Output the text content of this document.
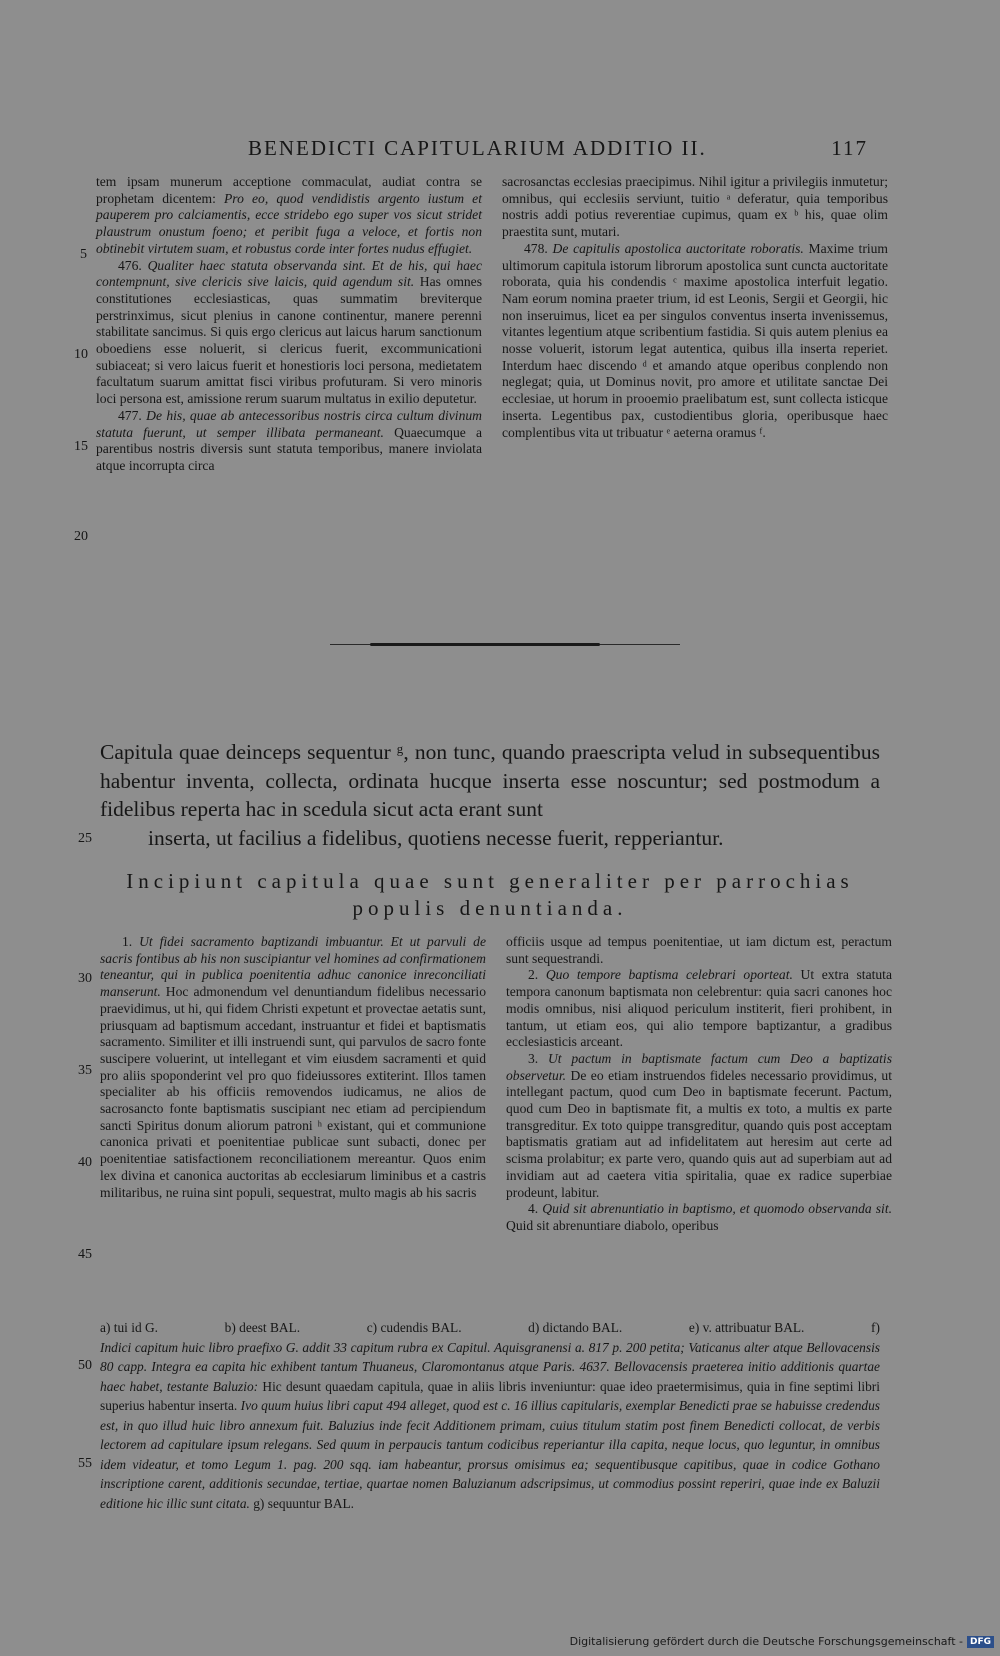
BENEDICTI CAPITULARIUM ADDITIO II.	117

tem ipsam munerum acceptione commaculat, audiat contra se prophetam dicentem: Pro eo, quod vendidistis argento iustum et pauperem pro calciamentis, ecce stridebo ego super vos sicut stridet plaustrum onustum foeno; et peribit fuga a veloce, et fortis non obtinebit virtutem suam, et robustus corde inter fortes nudus effugiet.

476. Qualiter haec statuta observanda sint. Et de his, qui haec contempnunt, sive clericis sive laicis, quid agendum sit. Has omnes constitutiones ecclesiasticas, quas summatim breviterque perstrinximus, sicut plenius in canone continentur, manere perenni stabilitate sancimus. Si quis ergo clericus aut laicus harum sanctionum oboediens esse noluerit, si clericus fuerit, excommunicationi subiaceat; si vero laicus fuerit et honestioris loci persona, medietatem facultatum suarum amittat fisci viribus profuturam. Si vero minoris loci persona est, amissione rerum suarum multatus in exilio deputetur.

477. De his, quae ab antecessoribus nostris circa cultum divinum statuta fuerunt, ut semper illibata permaneant. Quaecumque a parentibus nostris diversis sunt statuta temporibus, manere inviolata atque incorrupta circa

sacrosanctas ecclesias praecipimus. Nihil igitur a privilegiis inmutetur; omnibus, qui ecclesiis serviunt, tuitio ᵃ deferatur, quia temporibus nostris addi potius reverentiae cupimus, quam ex ᵇ his, quae olim praestita sunt, mutari.

478. De capitulis apostolica auctoritate roboratis. Maxime trium ultimorum capitula istorum librorum apostolica sunt cuncta auctoritate roborata, quia his condendis ᶜ maxime apostolica interfuit legatio. Nam eorum nomina praeter trium, id est Leonis, Sergii et Georgii, hic non inseruimus, licet ea per singulos conventus inserta invenissemus, vitantes legentium atque scribentium fastidia. Si quis autem plenius ea nosse voluerit, istorum legat autentica, quibus illa inserta reperiet. Interdum haec discendo ᵈ et amando atque operibus conplendo non neglegat; quia, ut Dominus novit, pro amore et utilitate sanctae Dei ecclesiae, ut horum in prooemio praelibatum est, sunt collecta isticque inserta. Legentibus pax, custodientibus gloria, operibusque haec complentibus vita ut tribuatur ᵉ aeterna oramus ᶠ.

5
10
15
20
Capitula quae deinceps sequentur ᵍ, non tunc, quando praescripta velud in subsequentibus habentur inventa, collecta, ordinata hucque inserta esse noscuntur; sed postmodum a fidelibus reperta hac in scedula sicut acta erant sunt
inserta, ut facilius a fidelibus, quotiens necesse fuerit, repperiantur.
25
Incipiunt capitula quae sunt generaliter per parrochias
populis denuntianda.

1. Ut fidei sacramento baptizandi imbuantur. Et ut parvuli de sacris fontibus ab his non suscipiantur vel homines ad confirmationem teneantur, qui in publica poenitentia adhuc canonice inreconciliati manserunt. Hoc admonendum vel denuntiandum fidelibus necessario praevidimus, ut hi, qui fidem Christi expetunt et provectae aetatis sunt, priusquam ad baptismum accedant, instruantur et fidei et baptismatis sacramento. Similiter et illi instruendi sunt, qui parvulos de sacro fonte suscipere voluerint, ut intellegant et vim eiusdem sacramenti et quid pro aliis spoponderint vel pro quo fideiussores extiterint. Illos tamen specialiter ab his officiis removendos iudicamus, ne alios de sacrosancto fonte baptismatis suscipiant nec etiam ad percipiendum sancti Spiritus donum aliorum patroni ʰ existant, qui et communione canonica privati et poenitentiae publicae sunt subacti, donec per poenitentiae satisfactionem reconciliationem mereantur. Quos enim lex divina et canonica auctoritas ab ecclesiarum liminibus et a castris militaribus, ne ruina sint populi, sequestrat, multo magis ab his sacris

officiis usque ad tempus poenitentiae, ut iam dictum est, peractum sunt sequestrandi.

2. Quo tempore baptisma celebrari oporteat. Ut extra statuta tempora canonum baptismata non celebrentur: quia sacri canones hoc modis omnibus, nisi aliquod periculum institerit, fieri prohibent, in tantum, ut etiam eos, qui alio tempore baptizantur, a gradibus ecclesiasticis arceant.

3. Ut pactum in baptismate factum cum Deo a baptizatis observetur. De eo etiam instruendos fideles necessario providimus, ut intellegant pactum, quod cum Deo in baptismate fecerunt. Pactum, quod cum Deo in baptismate fit, a multis ex toto, a multis ex parte transgreditur. Ex toto quippe transgreditur, quando quis post acceptam baptismatis gratiam aut ad infidelitatem aut heresim aut certe ad scisma prolabitur; ex parte vero, quando quis aut ad superbiam aut ad invidiam aut ad caetera vitia spiritalia, quae ex radice superbiae prodeunt, labitur.

4. Quid sit abrenuntiatio in baptismo, et quomodo observanda sit. Quid sit abrenuntiare diabolo, operibus

30
35
40
45
a) tui id G.	b) deest BAL.	c) cudendis BAL.	d) dictando BAL.	e) v. attribuatur BAL.	f)
Indici capitum huic libro praefixo G. addit 33 capitum rubra ex Capitul. Aquisgranensi a. 817 p. 200 petita; Vaticanus alter atque Bellovacensis 80 capp. Integra ea capita hic exhibent tantum Thuaneus, Claromontanus atque Paris. 4637. Bellovacensis praeterea initio additionis quartae haec habet, testante Baluzio: Hic desunt quaedam capitula, quae in aliis libris inveniuntur: quae ideo praetermisimus, quia in fine septimi libri superius habentur inserta. Ivo quum huius libri caput 494 alleget, quod est c. 16 illius capitularis, exemplar Benedicti prae se habuisse credendus est, in quo illud huic libro annexum fuit. Baluzius inde fecit Additionem primam, cuius titulum statim post finem Benedicti collocat, de verbis lectorem ad capitulare ipsum relegans. Sed quum in perpaucis tantum codicibus reperiantur illa capita, neque locus, quo leguntur, in omnibus idem videatur, et tomo Legum 1. pag. 200 sqq. iam habeantur, prorsus omisimus ea; sequentibusque capitibus, quae in codice Gothano inscriptione carent, additionis secundae, tertiae, quartae nomen Baluzianum adscripsimus, ut commodius possint reperiri, quae inde ex Baluzii editione hic illic sunt citata. g) sequuntur BAL.
50
55
Digitalisierung gefördert durch die Deutsche Forschungsgemeinschaft - DFG
